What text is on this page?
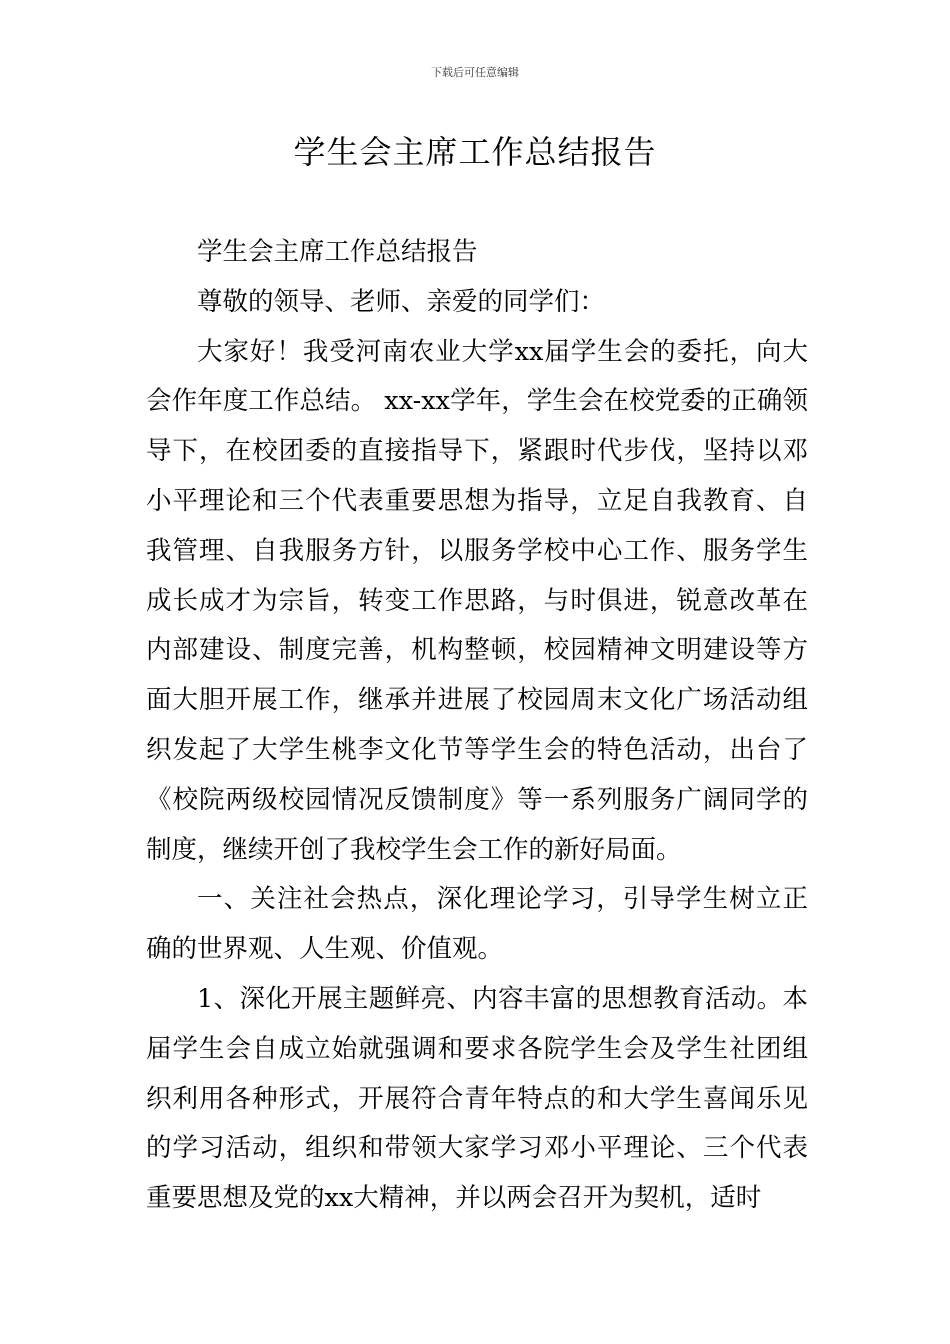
下载后可任意编辑
学生会主席工作总结报告

学生会主席工作总结报告

尊敬的领导、老师、亲爱的同学们：

大家好！我受河南农业大学xx届学生会的委托，向大会作年度工作总结。 xx-xx学年，学生会在校党委的正确领导下，在校团委的直接指导下，紧跟时代步伐，坚持以邓小平理论和三个代表重要思想为指导，立足自我教育、自我管理、自我服务方针，以服务学校中心工作、服务学生成长成才为宗旨，转变工作思路，与时俱进，锐意改革在内部建设、制度完善，机构整顿，校园精神文明建设等方面大胆开展工作，继承并进展了校园周末文化广场活动组织发起了大学生桃李文化节等学生会的特色活动，出台了《校院两级校园情况反馈制度》等一系列服务广阔同学的制度，继续开创了我校学生会工作的新好局面。

一、关注社会热点，深化理论学习，引导学生树立正确的世界观、人生观、价值观。

1、深化开展主题鲜亮、内容丰富的思想教育活动。本届学生会自成立始就强调和要求各院学生会及学生社团组织利用各种形式，开展符合青年特点的和大学生喜闻乐见的学习活动，组织和带领大家学习邓小平理论、三个代表重要思想及党的xx大精神，并以两会召开为契机，适时
